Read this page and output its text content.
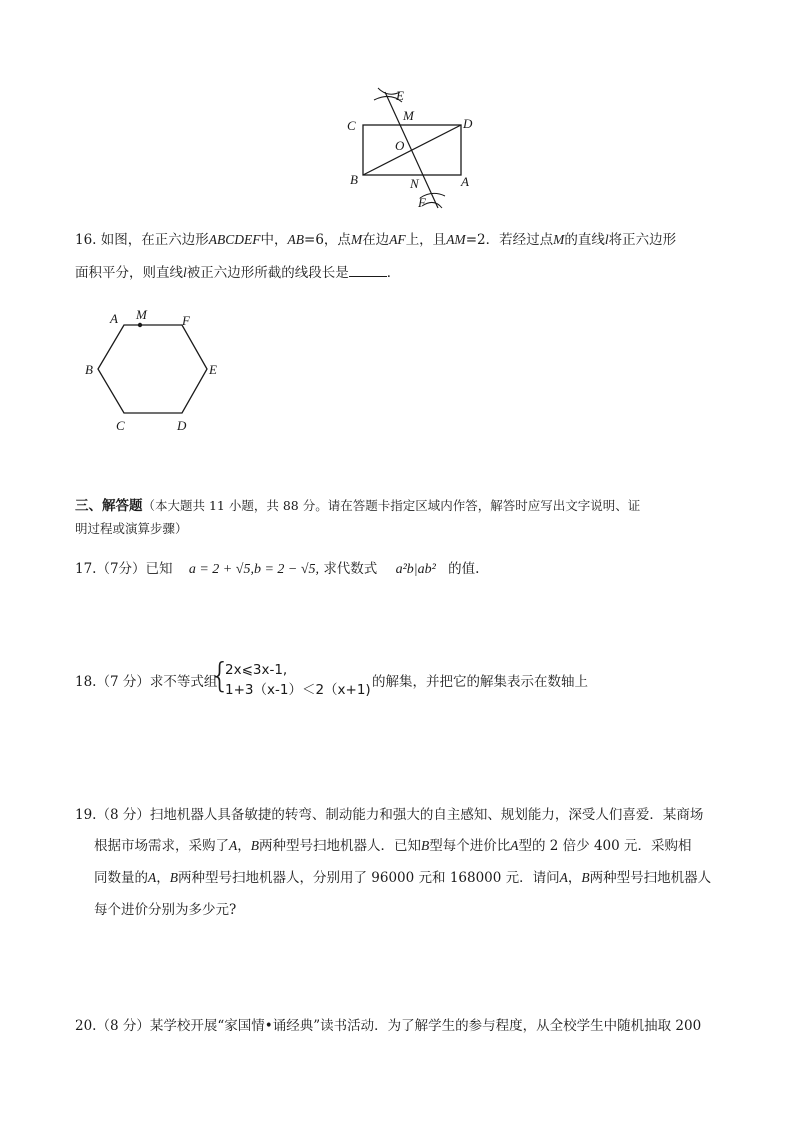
E
M
C	D
O
B	N	A
F
16. 如图，在正六边形ABCDEF中，AB=6，点M在边AF上，且AM=2．若经过点M的直线l将正六边形
面积平分，则直线l被正六边形所截的线段长是	．
A M	F
B	E
C	D
三、解答题（本大题共 11 小题，共 88 分。请在答题卡指定区域内作答，解答时应写出文字说明、证
明过程或演算步骤）
17.（7分）已知 a = 2 + √5,b = 2 − √5, 求代数式 a²b|ab² 的值.
18.（7 分）求不等式组
{
2x⩽3x-1,
1+3（x-1）＜2（x+1) 的解集，并把它的解集表示在数轴上
19.（8 分）扫地机器人具备敏捷的转弯、制动能力和强大的自主感知、规划能力，深受人们喜爱．某商场
根据市场需求，采购了A，B两种型号扫地机器人．已知B型每个进价比A型的 2 倍少 400 元．采购相
同数量的A，B两种型号扫地机器人，分别用了 96000 元和 168000 元．请问A，B两种型号扫地机器人
每个进价分别为多少元?
20.（8 分）某学校开展“家国情•诵经典”读书活动．为了解学生的参与程度，从全校学生中随机抽取 200
